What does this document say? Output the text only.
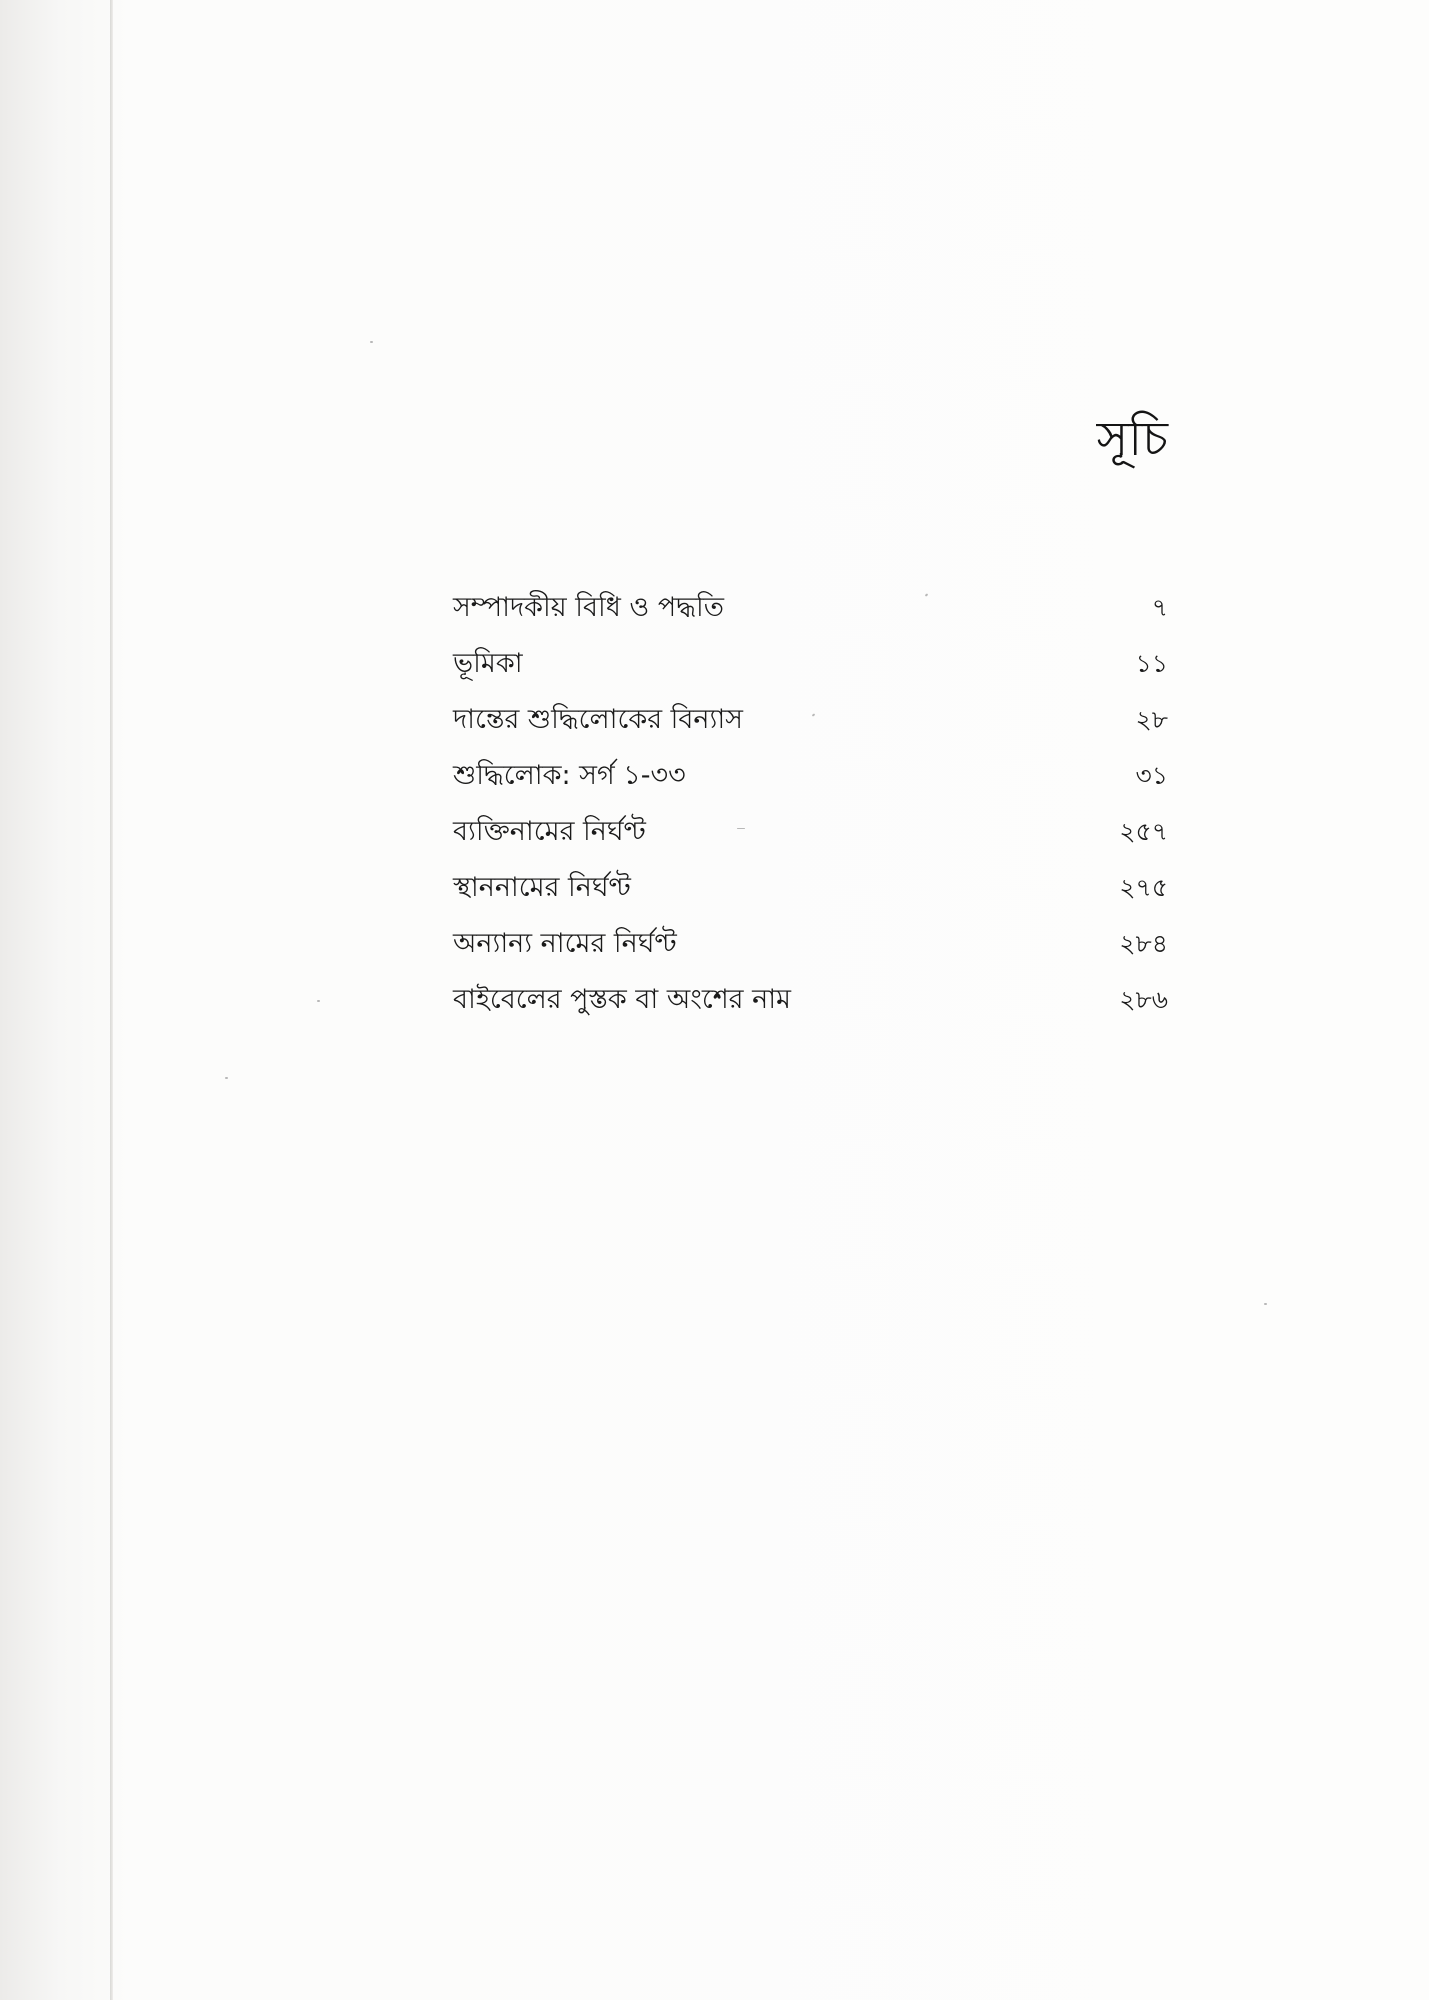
সূচি
সম্পাদকীয় বিধি ও পদ্ধতি	৭
ভূমিকা	১১
দান্তের শুদ্ধিলোকের বিন্যাস	২৮
শুদ্ধিলোক: সর্গ ১-৩৩	৩১
ব্যক্তিনামের নির্ঘণ্ট	২৫৭
স্থাননামের নির্ঘণ্ট	২৭৫
অন্যান্য নামের নির্ঘণ্ট	২৮৪
বাইবেলের পুস্তক বা অংশের নাম	২৮৬
